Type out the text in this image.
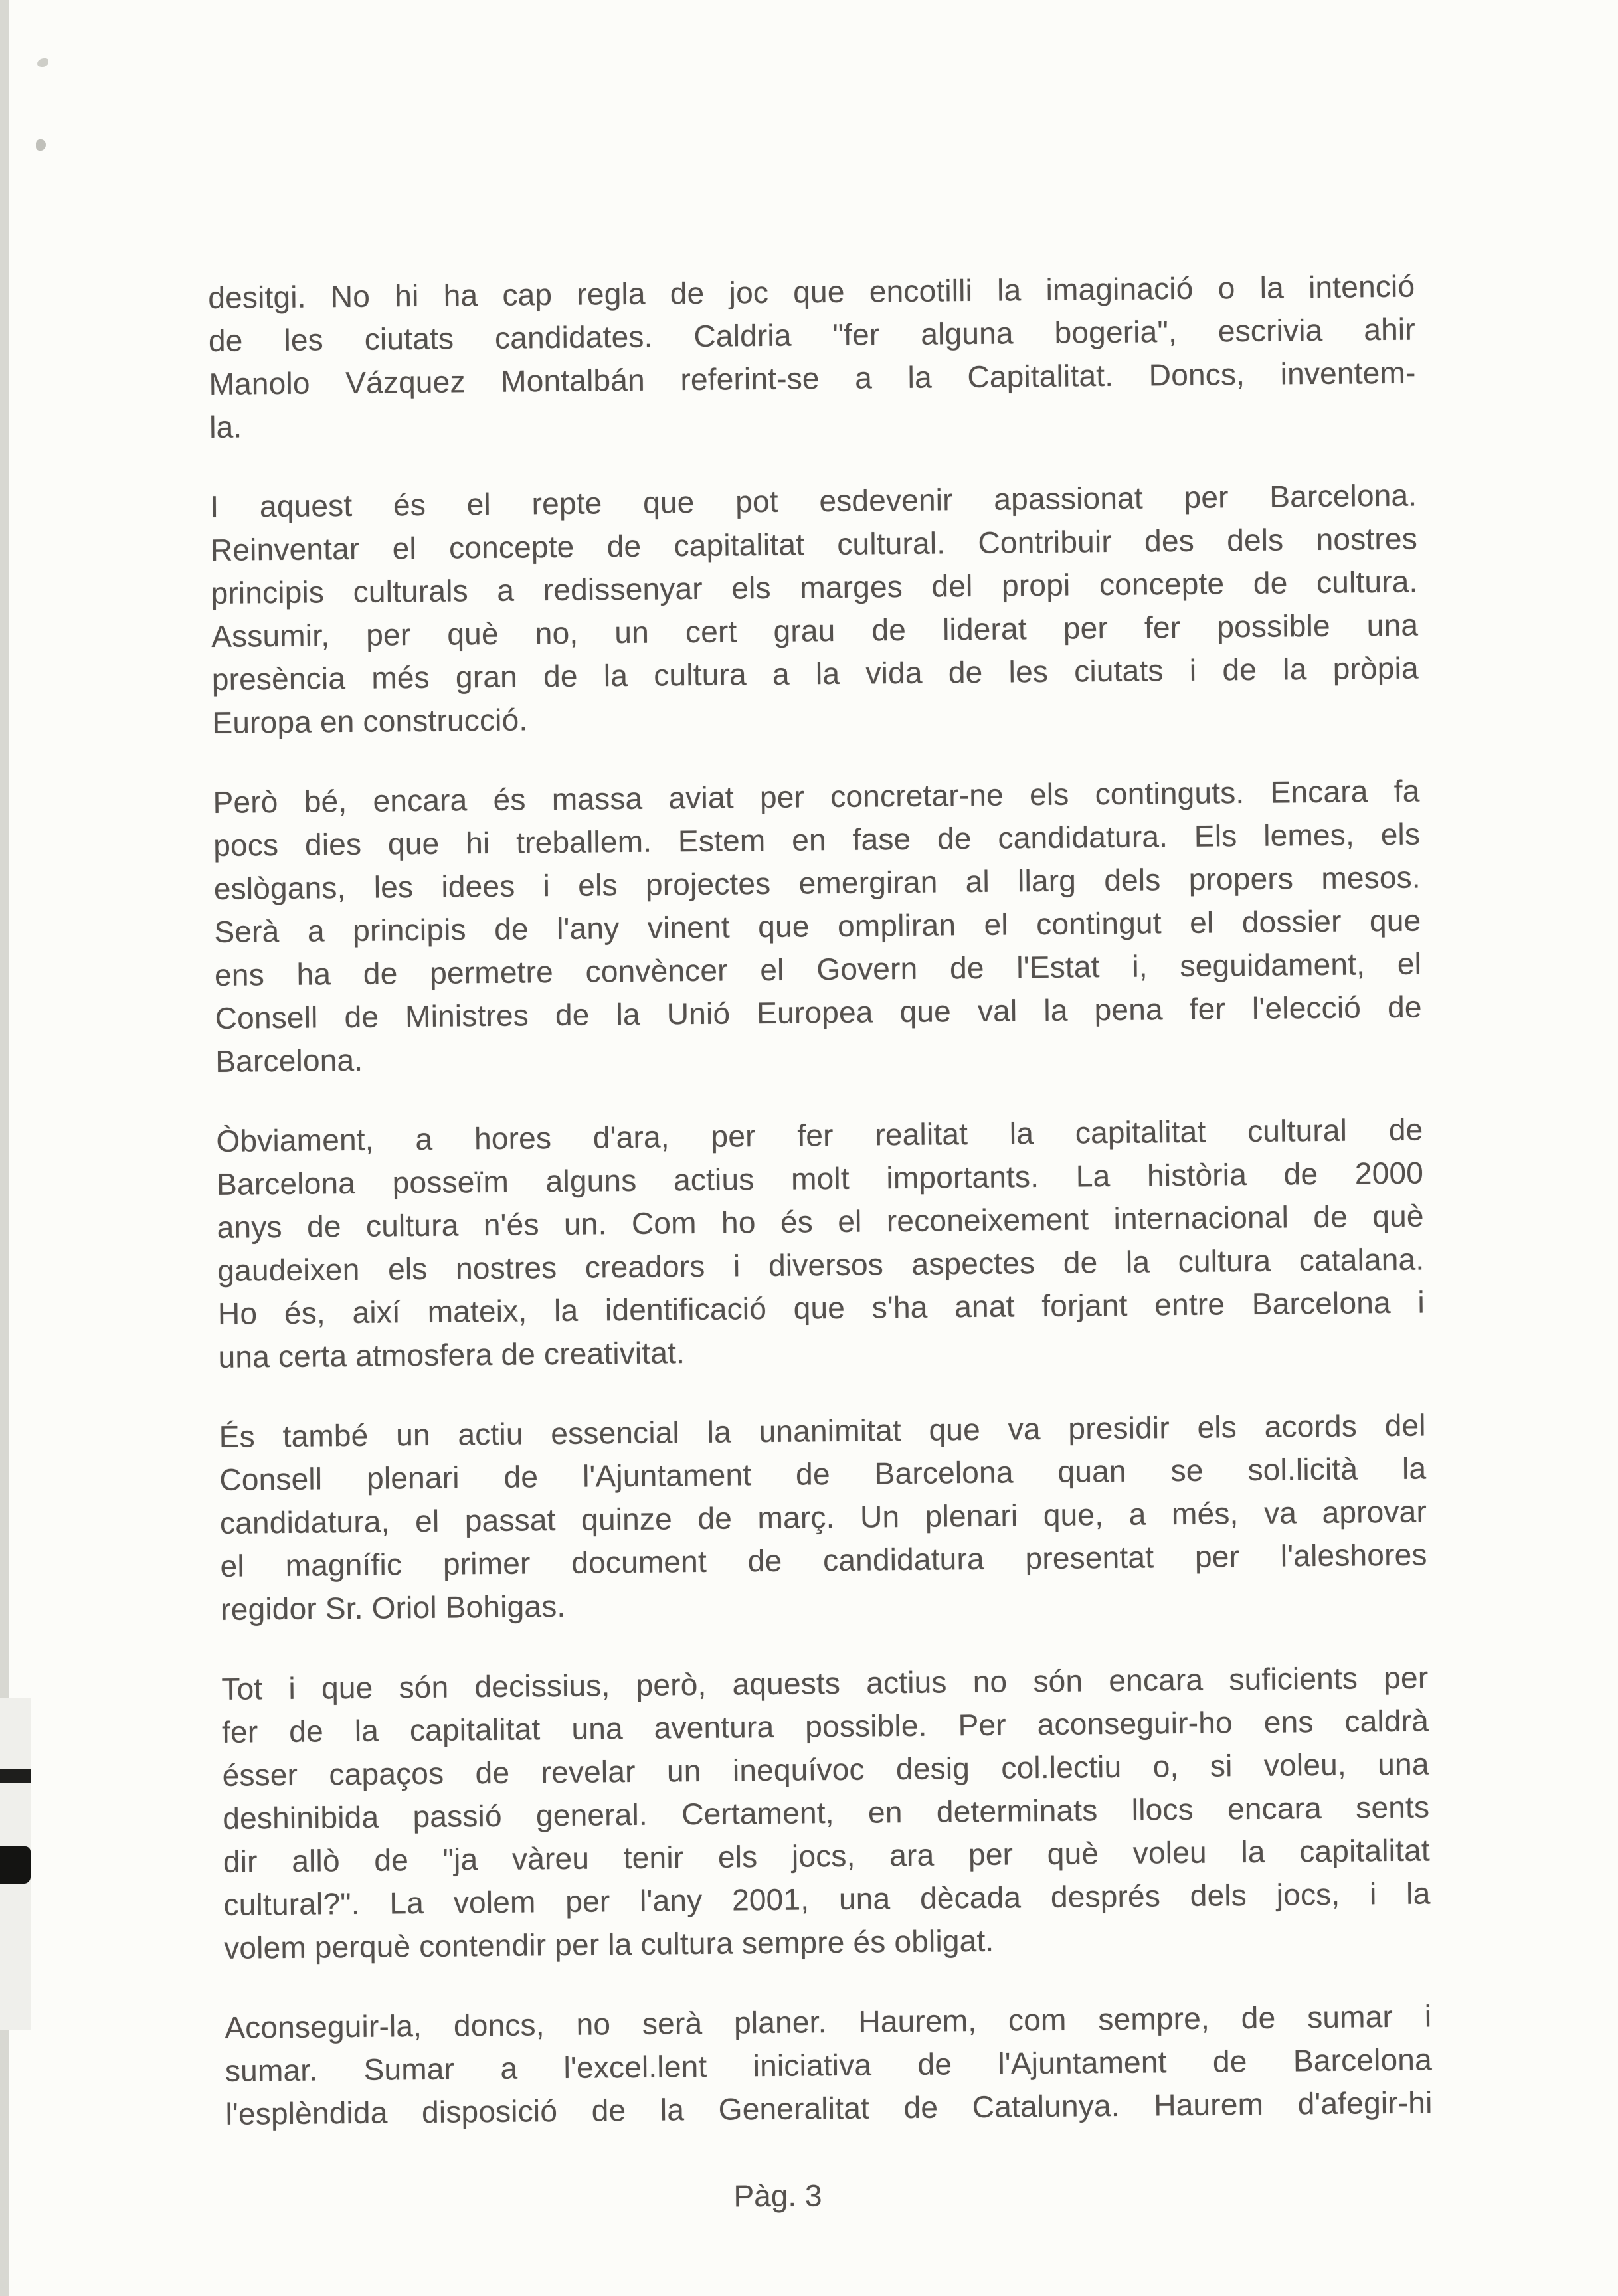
desitgi. No hi ha cap regla de joc que encotilli la imaginació o la intenció
de les ciutats candidates. Caldria "fer alguna bogeria", escrivia ahir
Manolo Vázquez Montalbán referint-se a la Capitalitat. Doncs, inventem-
la.
I aquest és el repte que pot esdevenir apassionat per Barcelona.
Reinventar el concepte de capitalitat cultural. Contribuir des dels nostres
principis culturals a redissenyar els marges del propi concepte de cultura.
Assumir, per què no, un cert grau de liderat per fer possible una
presència més gran de la cultura a la vida de les ciutats i de la pròpia
Europa en construcció.
Però bé, encara és massa aviat per concretar-ne els continguts. Encara fa
pocs dies que hi treballem. Estem en fase de candidatura. Els lemes, els
eslògans, les idees i els projectes emergiran al llarg dels propers mesos.
Serà a principis de l'any vinent que ompliran el contingut el dossier que
ens ha de permetre convèncer el Govern de l'Estat i, seguidament, el
Consell de Ministres de la Unió Europea que val la pena fer l'elecció de
Barcelona.
Òbviament, a hores d'ara, per fer realitat la capitalitat cultural de
Barcelona posseïm alguns actius molt importants. La història de 2000
anys de cultura n'és un. Com ho és el reconeixement internacional de què
gaudeixen els nostres creadors i diversos aspectes de la cultura catalana.
Ho és, així mateix, la identificació que s'ha anat forjant entre Barcelona i
una certa atmosfera de creativitat.
És també un actiu essencial la unanimitat que va presidir els acords del
Consell plenari de l'Ajuntament de Barcelona quan se sol.licità la
candidatura, el passat quinze de març. Un plenari que, a més, va aprovar
el magnífic primer document de candidatura presentat per l'aleshores
regidor Sr. Oriol Bohigas.
Tot i que són decissius, però, aquests actius no són encara suficients per
fer de la capitalitat una aventura possible. Per aconseguir-ho ens caldrà
ésser capaços de revelar un inequívoc desig col.lectiu o, si voleu, una
deshinibida passió general. Certament, en determinats llocs encara sents
dir allò de "ja vàreu tenir els jocs, ara per què voleu la capitalitat
cultural?". La volem per l'any 2001, una dècada després dels jocs, i la
volem perquè contendir per la cultura sempre és obligat.
Aconseguir-la, doncs, no serà planer. Haurem, com sempre, de sumar i
sumar. Sumar a l'excel.lent iniciativa de l'Ajuntament de Barcelona
l'esplèndida disposició de la Generalitat de Catalunya. Haurem d'afegir-hi
Pàg. 3
